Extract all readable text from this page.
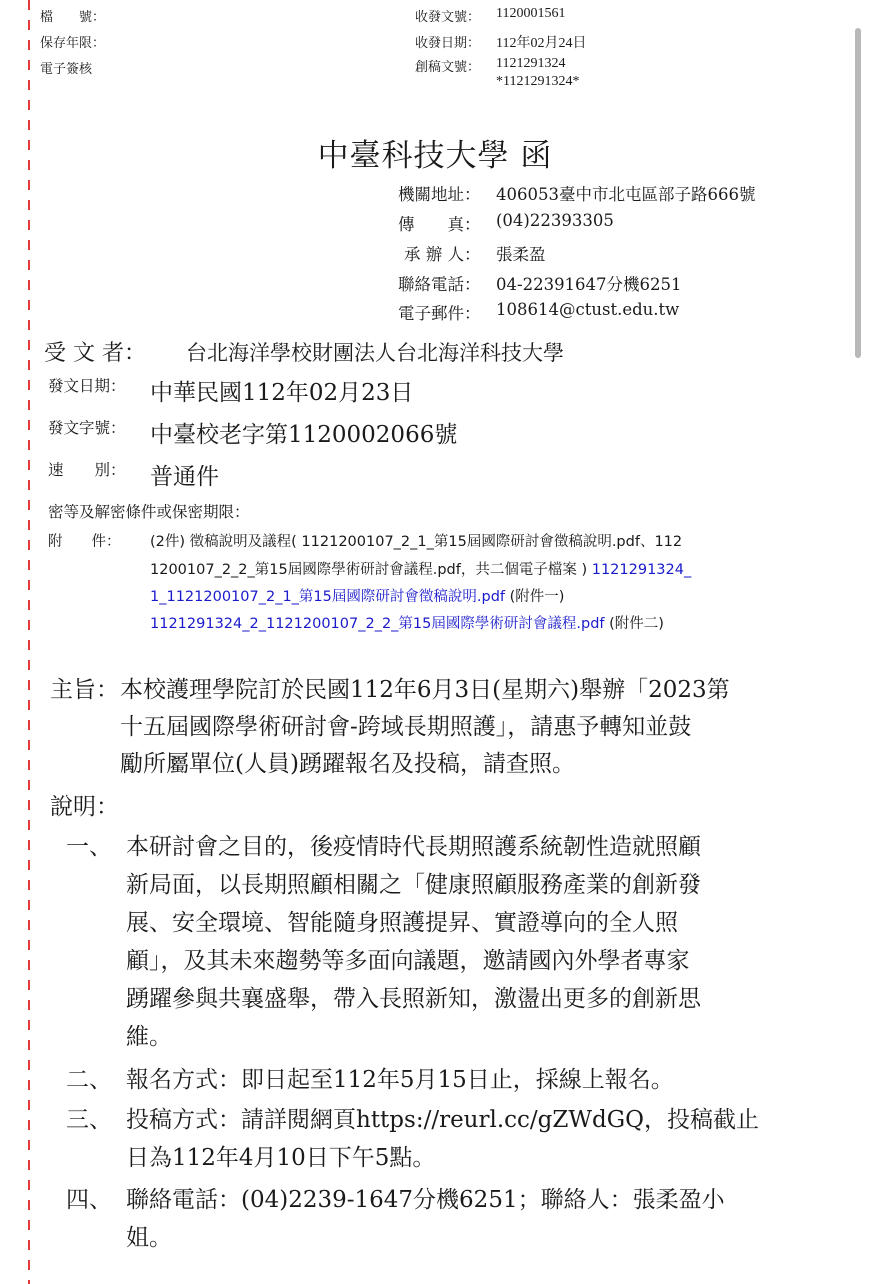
檔　　號：
保存年限：
電子簽核
收發文號： 1120001561
收發日期： 112年02月24日
創稿文號： 1121291324
*1121291324*
中臺科技大學 函
機關地址： 406053臺中市北屯區部子路666號
傳　　真： (04)22393305
承 辦 人： 張柔盈
聯絡電話： 04-22391647分機6251
電子郵件： 108614@ctust.edu.tw
受 文 者： 台北海洋學校財團法人台北海洋科技大學
發文日期： 中華民國112年02月23日
發文字號： 中臺校老字第1120002066號
速　　別： 普通件
密等及解密條件或保密期限：
附　　件： (2件) 徵稿說明及議程( 1121200107_2_1_第15屆國際研討會徵稿說明.pdf、112
1200107_2_2_第15屆國際學術研討會議程.pdf，共二個電子檔案 ) 1121291324_
1_1121200107_2_1_第15屆國際研討會徵稿說明.pdf (附件一)
1121291324_2_1121200107_2_2_第15屆國際學術研討會議程.pdf (附件二)
主旨： 本校護理學院訂於民國112年6月3日(星期六)舉辦「2023第
十五屆國際學術研討會-跨域長期照護」，請惠予轉知並鼓
勵所屬單位(人員)踴躍報名及投稿，請查照。
說明：
一、 本研討會之目的，後疫情時代長期照護系統韌性造就照顧
新局面，以長期照顧相關之「健康照顧服務產業的創新發
展、安全環境、智能隨身照護提昇、實證導向的全人照
顧」，及其未來趨勢等多面向議題，邀請國內外學者專家
踴躍參與共襄盛舉，帶入長照新知，激盪出更多的創新思
維。
二、 報名方式：即日起至112年5月15日止，採線上報名。
三、 投稿方式：請詳閱網頁https://reurl.cc/gZWdGQ，投稿截止
日為112年4月10日下午5點。
四、 聯絡電話：(04)2239-1647分機6251；聯絡人：張柔盈小
姐。
